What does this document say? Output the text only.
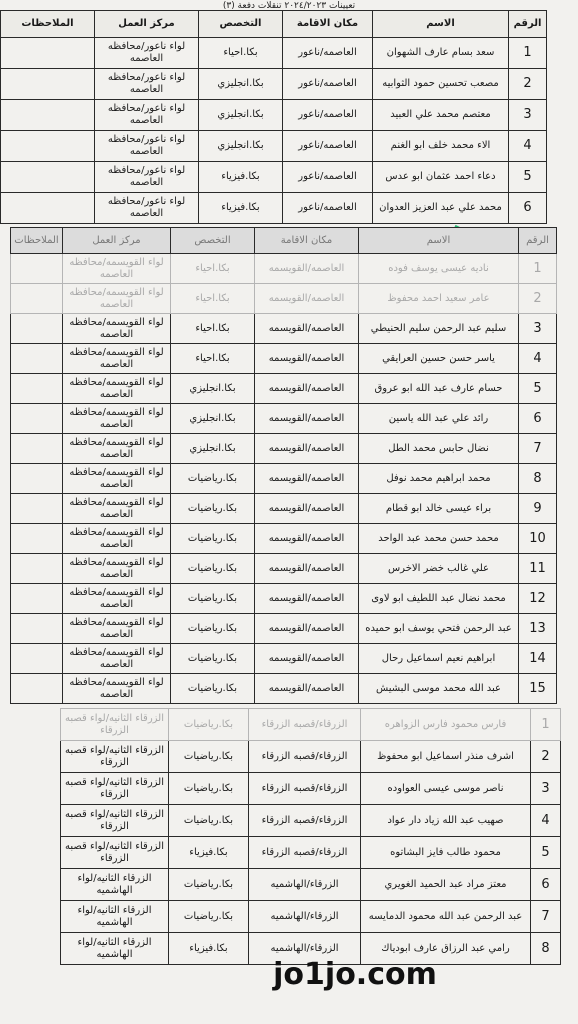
تعيينات ٢٠٢٤/٢٠٢٣ تنقلات دفعة (٣)
الرقم	الاسم	مكان الاقامة	التخصص	مركز العمل	الملاحظات
1	سعد بسام عارف الشهوان	العاصمه/ناعور	بكا.احياء	لواء ناعور/محافظه العاصمه	
2	مصعب تحسين حمود الثوابيه	العاصمه/ناعور	بكا.انجليزي	لواء ناعور/محافظه العاصمه	
3	معتصم محمد علي العبيد	العاصمه/ناعور	بكا.انجليزي	لواء ناعور/محافظه العاصمه	
4	الاء محمد خلف ابو الغنم	العاصمه/ناعور	بكا.انجليزي	لواء ناعور/محافظه العاصمه	
5	دعاء احمد عثمان ابو عدس	العاصمه/ناعور	بكا.فيزياء	لواء ناعور/محافظه العاصمه	
6	محمد علي عبد العزيز العدوان	العاصمه/ناعور	بكا.فيزياء	لواء ناعور/محافظه العاصمه	
الرقم	الاسم	مكان الاقامة	التخصص	مركز العمل	الملاحظات
1	ناديه عيسى يوسف فوده	العاصمه/القويسمه	بكا.احياء	لواء القويسمه/محافظه العاصمه	
2	عامر سعيد احمد محفوظ	العاصمه/القويسمه	بكا.احياء	لواء القويسمه/محافظه العاصمه	
3	سليم عبد الرحمن سليم الحنيطي	العاصمه/القويسمه	بكا.احياء	لواء القويسمه/محافظه العاصمه	
4	ياسر حسن حسين العرايقي	العاصمه/القويسمه	بكا.احياء	لواء القويسمه/محافظه العاصمه	
5	حسام عارف عبد الله ابو عروق	العاصمه/القويسمه	بكا.انجليزي	لواء القويسمه/محافظه العاصمه	
6	رائد علي عبد الله ياسين	العاصمه/القويسمه	بكا.انجليزي	لواء القويسمه/محافظه العاصمه	
7	نضال حابس محمد الطل	العاصمه/القويسمه	بكا.انجليزي	لواء القويسمه/محافظه العاصمه	
8	محمد ابراهيم محمد نوفل	العاصمه/القويسمه	بكا.رياضيات	لواء القويسمه/محافظه العاصمه	
9	براء عيسى خالد ابو قطام	العاصمه/القويسمه	بكا.رياضيات	لواء القويسمه/محافظه العاصمه	
10	محمد حسن محمد عبد الواحد	العاصمه/القويسمه	بكا.رياضيات	لواء القويسمه/محافظه العاصمه	
11	علي غالب خضر الاخرس	العاصمه/القويسمه	بكا.رياضيات	لواء القويسمه/محافظه العاصمه	
12	محمد نضال عبد اللطيف ابو لاوى	العاصمه/القويسمه	بكا.رياضيات	لواء القويسمه/محافظه العاصمه	
13	عبد الرحمن فتحي يوسف ابو حميده	العاصمه/القويسمه	بكا.رياضيات	لواء القويسمه/محافظه العاصمه	
14	ابراهيم نعيم اسماعيل رحال	العاصمه/القويسمه	بكا.رياضيات	لواء القويسمه/محافظه العاصمه	
15	عبد الله محمد موسى البشيش	العاصمه/القويسمه	بكا.رياضيات	لواء القويسمه/محافظه العاصمه	
1	فارس محمود فارس الزواهره	الزرقاء/قصبه الزرقاء	بكا.رياضيات	الزرقاء الثانيه/لواء قصبه الزرقاء
2	اشرف منذر اسماعيل ابو محفوظ	الزرقاء/قصبه الزرقاء	بكا.رياضيات	الزرقاء الثانيه/لواء قصبه الزرقاء
3	ناصر موسى عيسى العواوده	الزرقاء/قصبه الزرقاء	بكا.رياضيات	الزرقاء الثانيه/لواء قصبه الزرقاء
4	صهيب عبد الله زياد دار عواد	الزرقاء/قصبه الزرقاء	بكا.رياضيات	الزرقاء الثانيه/لواء قصبه الزرقاء
5	محمود طالب فايز البشاتوه	الزرقاء/قصبه الزرقاء	بكا.فيزياء	الزرقاء الثانيه/لواء قصبه الزرقاء
6	معتز مراد عبد الحميد الغويري	الزرقاء/الهاشميه	بكا.رياضيات	الزرقاء الثانيه/لواء الهاشميه
7	عبد الرحمن عبد الله محمود الدمايسه	الزرقاء/الهاشميه	بكا.رياضيات	الزرقاء الثانيه/لواء الهاشميه
8	رامي عبد الرزاق عارف ابودياك	الزرقاء/الهاشميه	بكا.فيزياء	الزرقاء الثانيه/لواء الهاشميه
jo1jo.com
